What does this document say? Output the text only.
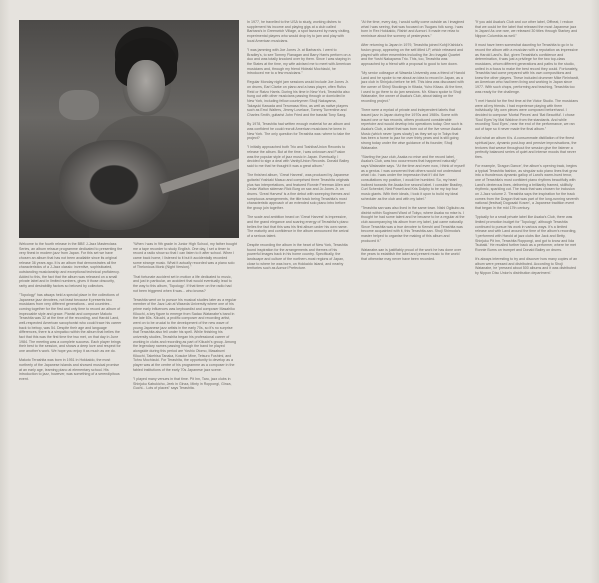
Welcome to the fourth release in the BBE J-Jazz Masterclass Series, an album reissue programme dedicated to presenting the very finest in modern jazz from Japan. For this set we have chosen an album that has not been available since its original release 36 years ago. It is an album that demonstrates all the characteristics of a J-Jazz classic: inventive, sophisticated, outstanding musicianship and exceptional technical proficiency. Added to this, the fact that the album was released on a small private label and in limited numbers, gives it those obscurity, rarity and desirability factors so beloved by collectors.

"Topology" has always held a special place in the collections of Japanese jazz devotees, not least because it presents two musicians from very different generations - and countries - coming together for the first and only time to record an album of impeccable style and grace. Pianist and composer Makoto Terashita was 32 at the time of the recording, and Harold Land, well-respected American saxophonist who could trace his career back to bebop, was 54. Despite their age and language differences, there is a simpatico within the album that belies the fact that this was the first time the two met, on that day in June 1984. The meeting was a complete success. Each player brings their best to the session, and shows a deep love and respect for one another's work. We hope you enjoy it as much as we do.

Makoto Terashita was born in 1951 in Hokkaido, the most northerly of the Japanese islands and showed musical promise at an early age, learning piano at elementary school. His introduction to jazz, however, was something of a serendipitous event.

"When I was in 9th grade in Junior High School, my father bought me a tape recorder to study English. One day, I set a timer to record a radio show so that I can listen to it after school. When I came back home, I listened to it but it accidentally recorded some strange music. What it actually recorded was a piano solo of Thelonious Monk (Night Version)."

That fortunate accident set in motion a life dedicated to music, and just in particular, an accident that would eventually lead to the way to this album, 'Topology'. If that timer on the radio had not been triggered when it was... who knows?

Terashita went on to pursue his musical studies later as a regular member of the Jazz Lab at Waseda University where one of his prime early influences was keyboardist and composer Masahiko Kikuchi, a key figure to emerge from Sadao Watanabe's band in the late 60s. Kikuchi, a prolific composer and recording artist, went on to be crucial to the development of the new wave of young Japanese jazz artists in the early 70s, so it's no surprise that Terashita also fell under his spell. While finishing his university studies, Terashita began his professional career of working in clubs and recording as part of Kikuchi's group. Among the legendary names passing through the band he played alongside during this period are Yoshio Otomo, Masabumi Kikuchi, Takehisa Tanaka, Kosuke Mine, Tetsuro Fushimi, and Tohru Mochizuki. For Terashita, the opportunity to develop as a player was at the centre of his programme as a composer in the fabled institutions of the early 70s Japanese jazz scene.

"I played many venues in that time. Pit Inn, Taro, jazz clubs in Shinjuku Kabukicho, Jeek in Ginza, Minty in Roppongi, Ginza, Guchi... Lots of places" says Terashita.

In 1977, he travelled to the USA to study, working dishes to supplement his income and playing gigs at a club called Barbara's in Greenwich Village, a spot favoured by many visiting, experimental players who would drop by to jam and play with local American musicians.

"I was jamming with Joe Jones Jr. at Barbara's. I went to Bradley's, to see Tommy Flanagan and Barry Harris perform on a duo and was totally knocked over by them. Since I was staying in the States at the time, my wife advised me to meet with American musicians and, through my friend Hideaki Mochizuki, he introduced me to a few musicians."

Regular Monday night jam sessions would include Joe Jones Jr. on drums, Earl Clarke on piano and a bass player, often Rufus Reid or Ratzo Harris. During his time in New York, Terashita also hung out with other musicians passing through or domiciled in New York, including fellow countrymen Shoji Nakayama, Takayuki Kawada and Terumasa Hino, as well as native players such as Errol Walters, Jimmy Lovelace, Tommy Turrentine and Charles Smith, guitarist John Fried and the bassist Tony Sang.

By 1978, Terashita had written enough material for an album and was confident he could recruit American musicians he knew in New York. The only question for Terashita was: where to take the project?

"I initially approached both Trio and Toshiba/Union Records to release the album. But at the time, I was unknown and Fusion was the popular style of jazz music in Japan. Eventually, I decided to sign a deal with Vanity/Union Records. Donald Bailey said to me that he thought it was a great album."

The finished album, 'Great Harvest', was produced by Japanese guitarist Yoshiaki Masuo and comprised three Terashita originals plus two interpretations, and featured Ronnie Freeman Allen and Cedar Walton sideman Rick Burg on sax and Jo Jones Jr. on drums. 'Great Harvest' is a fine debut with sweeping themes and sumptuous arrangements, the title track being Terashita's most characteristic approach of an extended solo piano intro before the group join together.

The scale and ambition heard on 'Great Harvest' is impressive, and the grand elegance and soaring energy of Terashita's piano belies the fact that this was his first album under his own name. The maturity and confidence in the album announced the arrival of a serious talent.

Despite recording the album in the heart of New York, Terashita found inspiration for the arrangements and themes of his powerful images back in his home country. Specifically, the landscape and culture of the northern-most regions of Japan, close to where he was born, on Hokkaido Island, and nearby territories such as Aomori Prefecture.

"At the time, every day, I would softly come outside as I imagined what I was seeing, that was focused on Tsugaru folk song. I was born in Rex Hokkaido, Rishiri and Aomori. It made me relax to reminisce about the scenery of yesteryears."

After returning to Japan in 1979, Terashita joined Kohji Kishida's fusion group, appearing on the self-titled LP, which released and played with other ensembles including the Jiro Inagaki Quartet and the Yoshi Nakayama Trio. This, too, Terashita was approached by a friend with a proposal to good to turn down.

"My senior colleague at Waseda University was a friend of Harold Land and he spoke to me about an idea to record in Japan, as a jazz club in Shinjuku before he left. This idea was discussed with the owner of Shinji Stockings in Kitada, Yuho Kitazo. At the time, I used to go there to do jam sessions. Mr. Kitazo spoke to Shoji Watanabe, the owner of Asaka's Club, about taking on the recording project."

There were a myriad of private and independent labels that issued jazz in Japan during the 1970s and 1980s. Some with issued one or two records, others produced considerable repertoire and would develop into operations today. One such is Asaka's Club, a label that was born out of the live venue Asaka Music (which never 'goes slowly') as they set up in Tokyo that has been a home to jazz for over thirty years and is still going strong today under the wise guidance of its founder, Shoji Watanabe.

"Starting the jazz club, Asaka no mise and the record label, Asaka's Club, was two occurrences that happened naturally" says Watanabe says. "At the time and even now, I think of myself as a genius. I was concerned that others would not understand what I do. I was under the impression that if I did live consultations my position, I would be humbled. So, my heart inclined towards the Asaka live second label. I consider Bradley, Curl Schenkel, Ned Powell and Kris Dolphy to be my top four music giants. With their ideals, I took it upon to build my ideal scheduler as the club and with my label."

"Terashita san was also lived in the same town. Nishi Ogikubo as district within Suginami Ward of Tokyo, where Asaka no mise is. I thought he had some talent and he became to be a regular at the club accompanying his album from my label, just came naturally. Since Terashita was a true devotee to Kenshi and Terashita was become acquainted with it, this Terashita-san. Shoji Shimoda's master helped to organise the making of this album and produced it."

Watanabe-san is justifiably proud of the work he has done over the years to establish the label and present music to the world that otherwise may never have been recorded.

"If you add Asaka's Club and our other label, Offbeat, I reckon that we could be the label that released the most Japanese jazz in Japan! As one rare, we released 30 titles through Starkey and Nippon Columbia as well."

It must have been somewhat daunting for Terashita to go in to record the album with a musician with a reputation as impressive as Harold Land's. But, given Terashita's confidence and determination, it was just a privilege for the two top-class musicians, whom different generations and paths to the studio, united in a focus to make the best record they could. Fortunately, Terashita had come prepared with his own compositions and knew the other players. These included drummer Mike Reinhardt, an American who had been living and working in Japan since 1977. With such chops, performing and teaching, Terashita too was ready for the challenge.

"I met Harold for the first time at the Victor Studio. The musicians were all my friends. I had experience playing with them individually. My own pieces were composed beforehand. I decided to compose 'Mortal Pieces' and 'Bat Beautiful'. I chose 'Soul Eyes' by Mal Waldron from the standards. And while recording 'Soul Eyes', near the end of the performance, we ran out of tape so it never made the final album."

And what an album it is. A consummate distillation of the finest spiritual jazz, dynamic post-bop and pensive improvisations, the textures that weave throughout the session give the listener a perfectly balanced series of quiet and intense moods that never tires.

For example, 'Dragon Dance', the album's opening track, begins a typical Terashita fashion, as singular solo piano lines that grow into a thunderous dynamic gallop of Land's warm-hued tenor, one of Terashita's most confident piano rhythms beautifully with Land's dexterous lines, delivering a brilliantly framed, skillfully rhythmic, sparkling cut. The track that was chosen for inclusion on J-Jazz volume 2. 'Terashita says the inspiration for the track comes from the Dragon that was part of the long-running seventh national (festival) Dogosaki Kosen', a Japanese tradition event that began in the mid 17th century.

Typically for a small private label like Asaka's Club, there was limited promotion budget for 'Topology', although Terashita continued to pursue his work in various ways. It's a limited release and with Land around the time of the album's recording, 'I performed with Harold at jazz clubs like Jack and Betty, Shinjuku Pit Inn, Terashita Roppongi, and got to know and Iida Tsubaki.' He recalled further back as a performer, where he met Ronnie Burns on trumpet and Donald Bailey on drums.

It's always interesting to try and discover how many copies of an album were pressed and distributed. According to Shoji Watanabe, he 'pressed about 500 albums and it was distributed by Nippon Disc Union's distribution department.'
